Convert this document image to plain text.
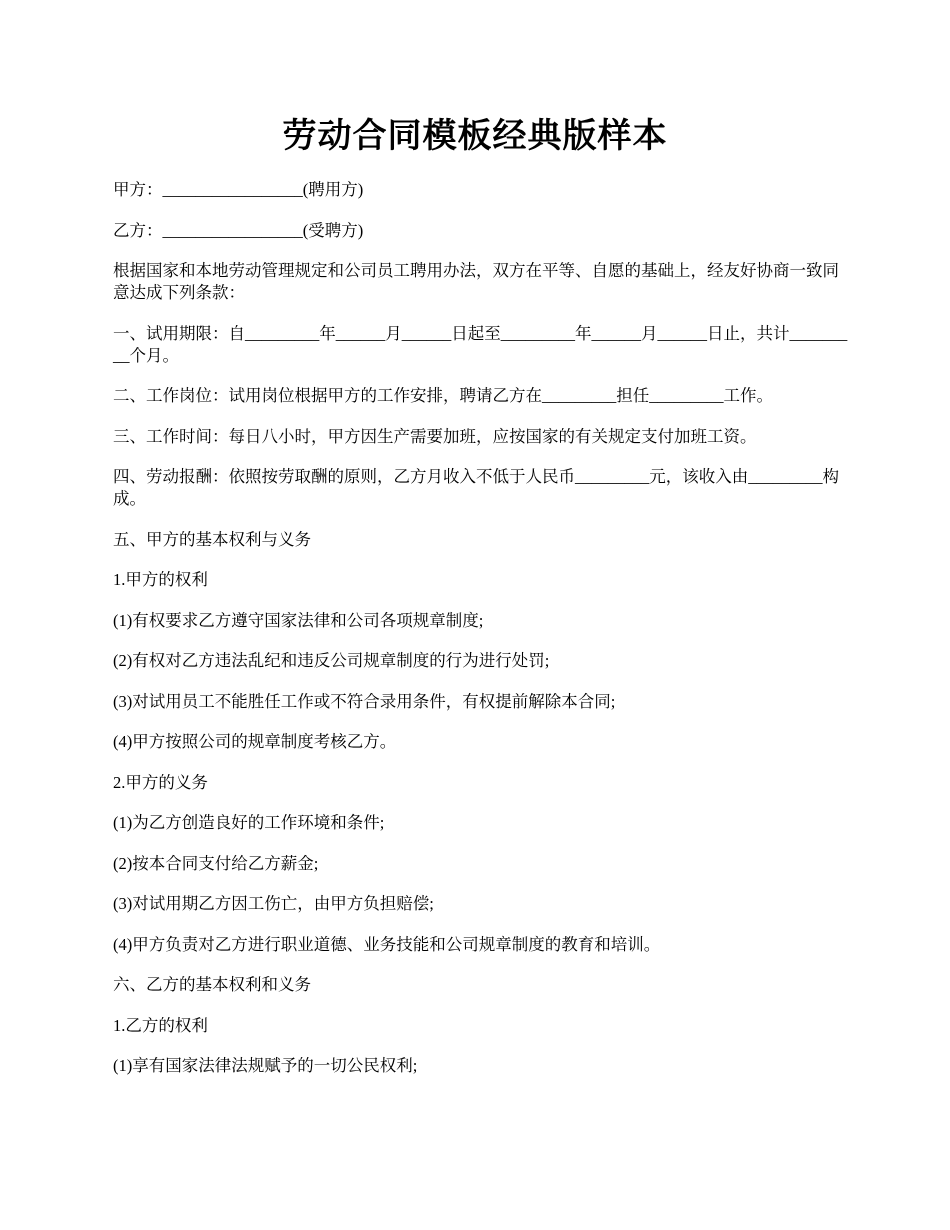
劳动合同模板经典版样本

甲方：_________________(聘用方)

乙方：_________________(受聘方)

根据国家和本地劳动管理规定和公司员工聘用办法，双方在平等、自愿的基础上，经友好协商一致同意达成下列条款：

一、试用期限：自_________年______月______日起至_________年______月______日止，共计_________个月。

二、工作岗位：试用岗位根据甲方的工作安排，聘请乙方在_________担任_________工作。

三、工作时间：每日八小时，甲方因生产需要加班，应按国家的有关规定支付加班工资。

四、劳动报酬：依照按劳取酬的原则，乙方月收入不低于人民币_________元，该收入由_________构成。

五、甲方的基本权利与义务

1.甲方的权利

(1)有权要求乙方遵守国家法律和公司各项规章制度;

(2)有权对乙方违法乱纪和违反公司规章制度的行为进行处罚;

(3)对试用员工不能胜任工作或不符合录用条件，有权提前解除本合同;

(4)甲方按照公司的规章制度考核乙方。

2.甲方的义务

(1)为乙方创造良好的工作环境和条件;

(2)按本合同支付给乙方薪金;

(3)对试用期乙方因工伤亡，由甲方负担赔偿;

(4)甲方负责对乙方进行职业道德、业务技能和公司规章制度的教育和培训。

六、乙方的基本权利和义务

1.乙方的权利

(1)享有国家法律法规赋予的一切公民权利;
